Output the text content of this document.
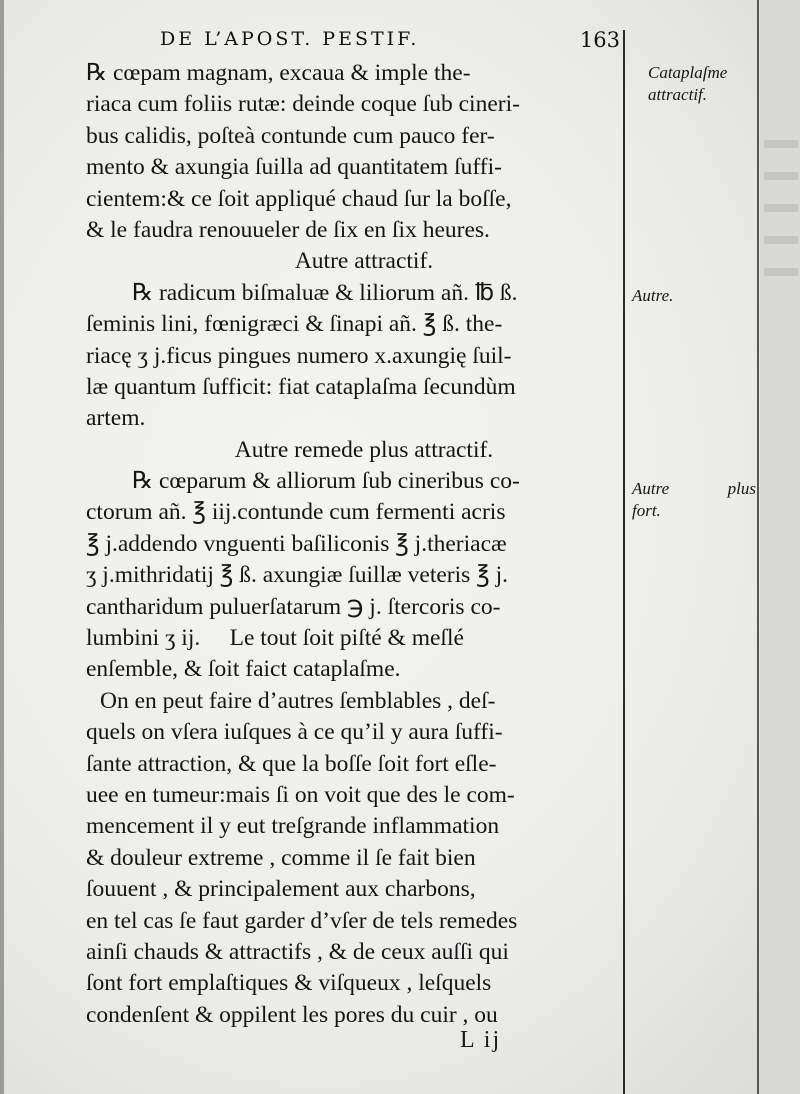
DE L’APOST. PESTIF.	163
℞ cœpam magnam, excaua & imple the-
riaca cum foliis rutæ: deinde coque ſub cineri-
bus calidis, poſteà contunde cum pauco fer-
mento & axungia ſuilla ad quantitatem ſuffi-
cientem:& ce ſoit appliqué chaud ſur la boſſe,
& le faudra renouueler de ſix en ſix heures.
Autre attractif.
℞ radicum biſmaluæ & liliorum añ. ℔ ß.
ſeminis lini, fœnigræci & ſinapi añ. ℥ ß. the-
riacę ʒ j.ficus pingues numero x.axungię ſuil-
læ quantum ſufficit: fiat cataplaſma ſecundùm
artem.
Autre remede plus attractif.
℞ cœparum & alliorum ſub cineribus co-
ctorum añ. ℥ iij.contunde cum fermenti acris
℥ j.addendo vnguenti baſiliconis ℥ j.theriacæ
ʒ j.mithridatij ℥ ß. axungiæ ſuillæ veteris ℥ j.
cantharidum puluerſatarum ℈ j. ſtercoris co-
lumbini ʒ ij.     Le tout ſoit piſté & meſlé
enſemble, & ſoit faict cataplaſme.
On en peut faire d’autres ſemblables , deſ-
quels on vſera iuſques à ce qu’il y aura ſuffi-
ſante attraction, & que la boſſe ſoit fort eſle-
uee en tumeur:mais ſi on voit que des le com-
mencement il y eut treſgrande inflammation
& douleur extreme , comme il ſe fait bien
ſouuent , & principalement aux charbons,
en tel cas ſe faut garder d’vſer de tels remedes
ainſi chauds & attractifs , & de ceux auſſi qui
ſont fort emplaſtiques & viſqueux , leſquels
condenſent & oppilent les pores du cuir , ou
Cataplaſme
attractif.
Autre.
Autre	plus
fort.
L ij
